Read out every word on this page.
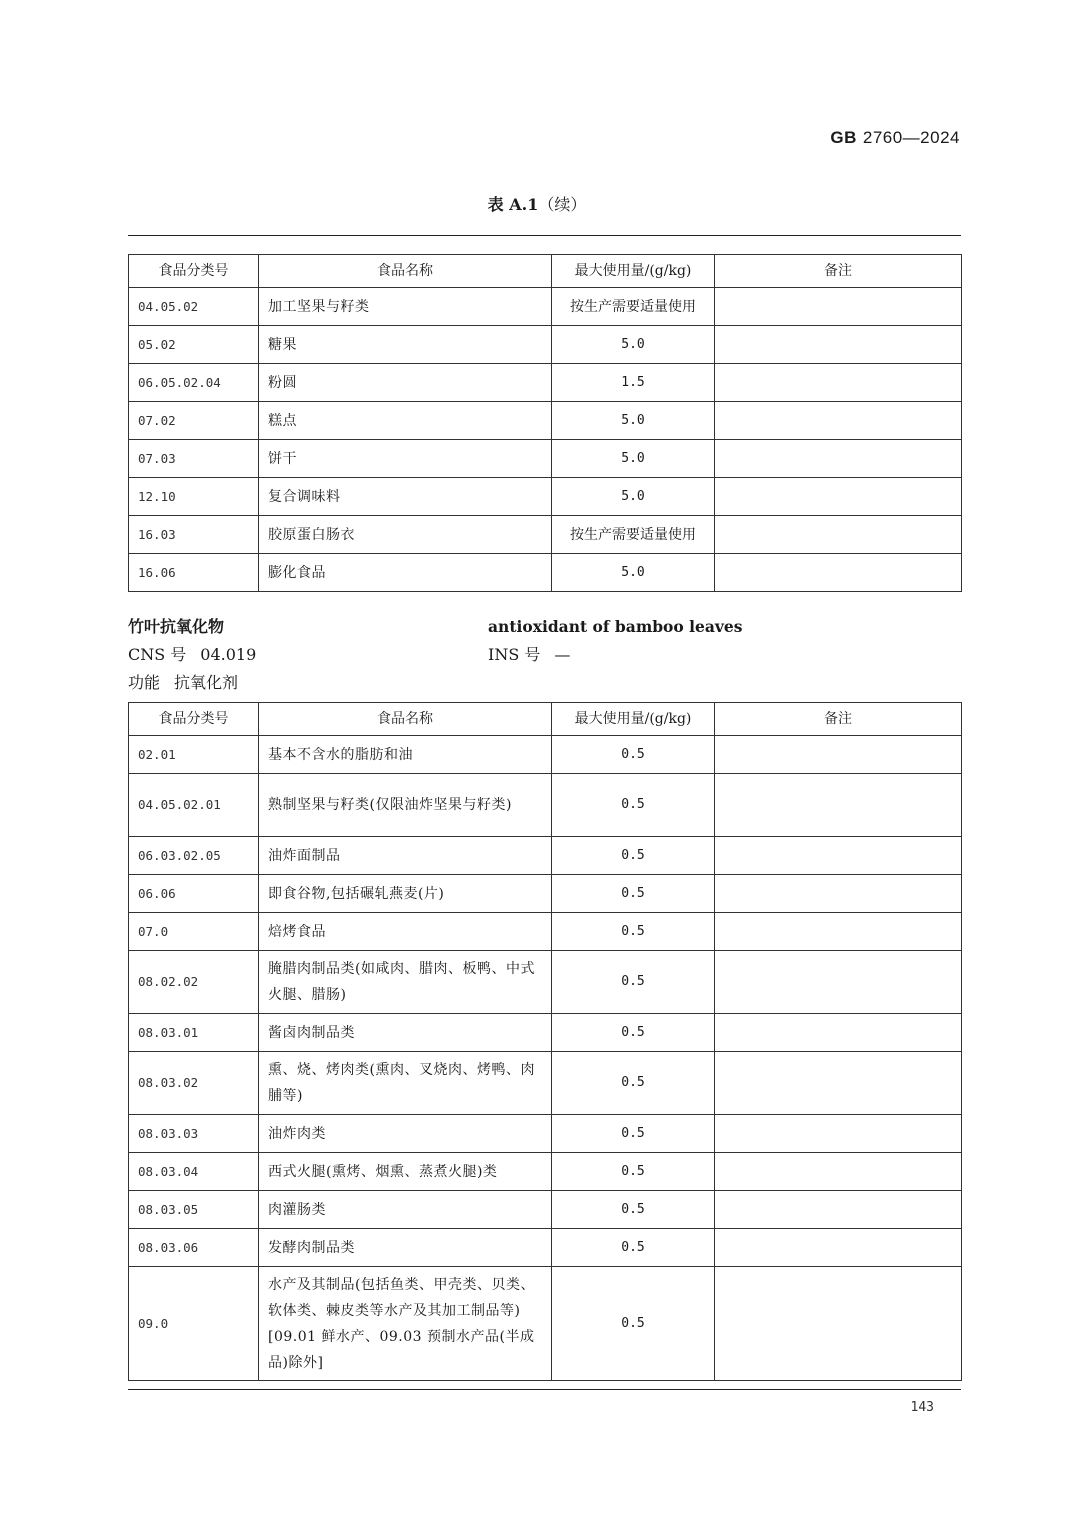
GB 2760—2024
表 A.1（续）
食品分类号	食品名称	最大使用量/(g/kg)	备注
04.05.02	加工坚果与籽类	按生产需要适量使用	
05.02	糖果	5.0	
06.05.02.04	粉圆	1.5	
07.02	糕点	5.0	
07.03	饼干	5.0	
12.10	复合调味料	5.0	
16.03	胶原蛋白肠衣	按生产需要适量使用	
16.06	膨化食品	5.0	
竹叶抗氧化物	antioxidant of bamboo leaves
CNS 号 04.019	INS 号 —
功能 抗氧化剂
食品分类号	食品名称	最大使用量/(g/kg)	备注
02.01	基本不含水的脂肪和油	0.5	
04.05.02.01	熟制坚果与籽类(仅限油炸坚果与籽类)	0.5	
06.03.02.05	油炸面制品	0.5	
06.06	即食谷物,包括碾轧燕麦(片)	0.5	
07.0	焙烤食品	0.5	
08.02.02	腌腊肉制品类(如咸肉、腊肉、板鸭、中式火腿、腊肠)	0.5	
08.03.01	酱卤肉制品类	0.5	
08.03.02	熏、烧、烤肉类(熏肉、叉烧肉、烤鸭、肉脯等)	0.5	
08.03.03	油炸肉类	0.5	
08.03.04	西式火腿(熏烤、烟熏、蒸煮火腿)类	0.5	
08.03.05	肉灌肠类	0.5	
08.03.06	发酵肉制品类	0.5	
09.0	水产及其制品(包括鱼类、甲壳类、贝类、软体类、棘皮类等水产及其加工制品等)[09.01 鲜水产、09.03 预制水产品(半成品)除外]	0.5	
143
